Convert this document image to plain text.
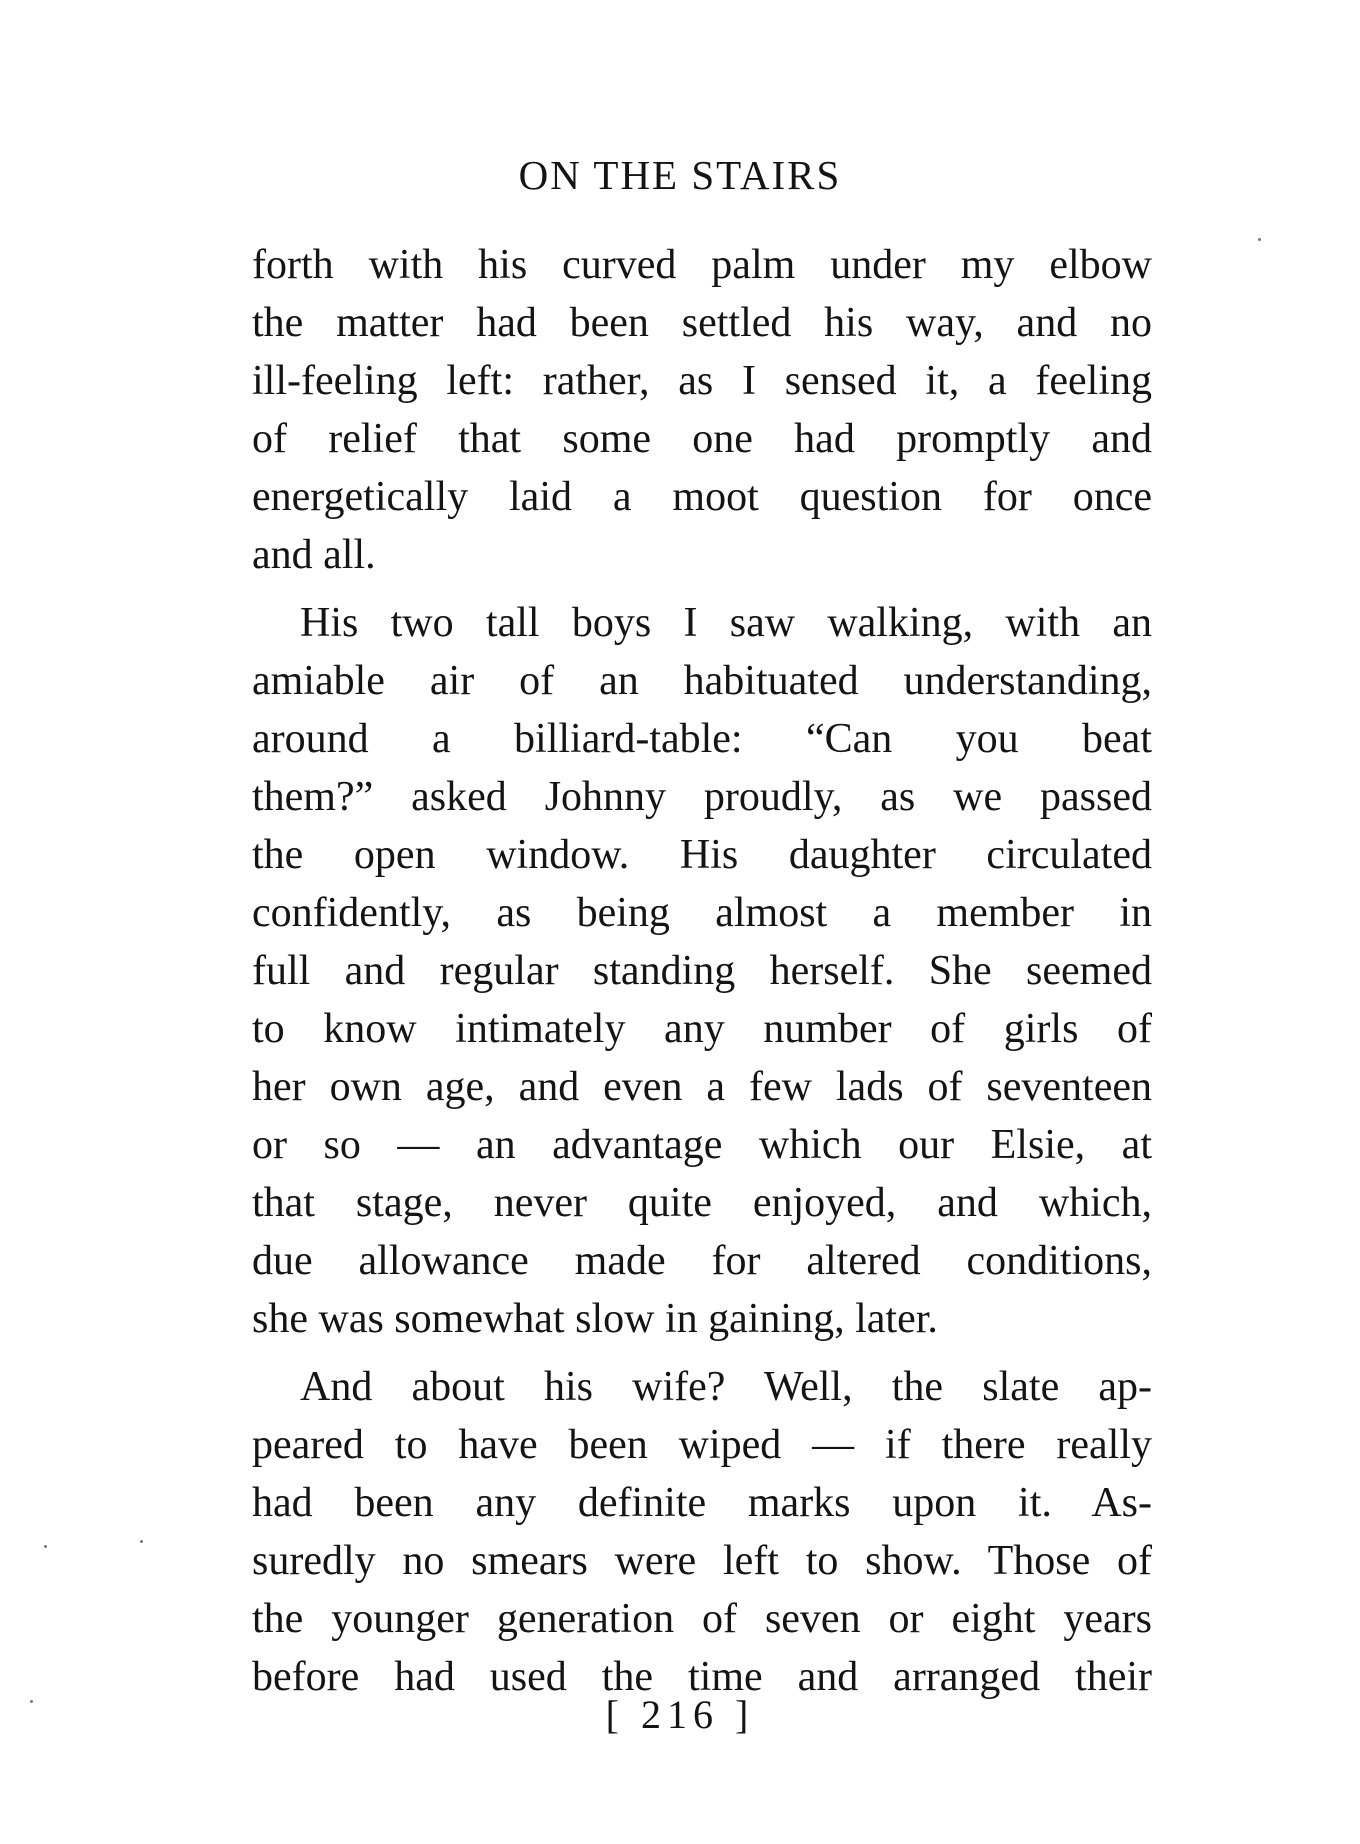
ON THE STAIRS
forth with his curved palm under my elbow
the matter had been settled his way, and no
ill-feeling left: rather, as I sensed it, a feeling
of relief that some one had promptly and
energetically laid a moot question for once
and all.
His two tall boys I saw walking, with an
amiable air of an habituated understanding,
around a billiard-table: “Can you beat
them?” asked Johnny proudly, as we passed
the open window. His daughter circulated
confidently, as being almost a member in
full and regular standing herself. She seemed
to know intimately any number of girls of
her own age, and even a few lads of seventeen
or so — an advantage which our Elsie, at
that stage, never quite enjoyed, and which,
due allowance made for altered conditions,
she was somewhat slow in gaining, later.
And about his wife? Well, the slate ap-
peared to have been wiped — if there really
had been any definite marks upon it. As-
suredly no smears were left to show. Those of
the younger generation of seven or eight years
before had used the time and arranged their
[ 216 ]
